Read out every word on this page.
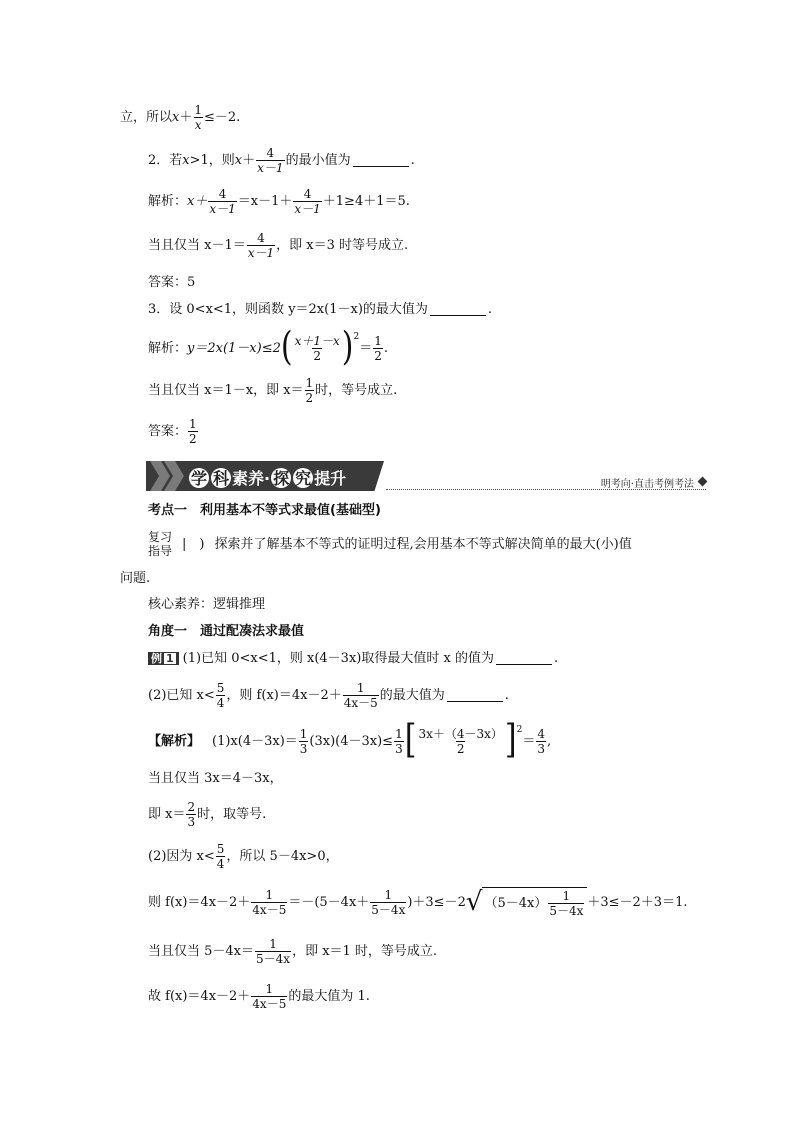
立，所以 $x + \frac{1}{x} \le-2$.
2．若 x >1，则 x ＋ 4
x－1 的最小值为	.
解析： x＋ 4
x－1 ＝x－1＋ 4
x－1 ＋1≥4＋1＝5.
当且仅当 x－1＝ 4
x－1 ，即 x＝3 时等号成立.
答案：5
3．设 0<x<1，则函数 y＝2x(1－x)的最大值为	.
解析： y＝2x(1－x)≤2 ( x＋1－x
2 )$^2$
＝ 1
2 .
当且仅当 x＝1－x，即 x＝ 1
2 时，等号成立.
答案： 1
2
学 科 素养· 探 究 提升	明考向·直击考例考法
考点一　利用基本不等式求最值(基础型)
复习
指导 |　) 探索并了解基本不等式的证明过程,会用基本不等式解决简单的最大(小)值
问题.
核心素养：逻辑推理
角度一　通过配凑法求最值
例 1 (1)已知 0<x<1，则 x(4－3x)取得最大值时 x 的值为	.
(2)已知 x< 5
4 ，则 f(x)＝4x－2＋ 1
4x－5 的最大值为	.
【解析】 (1)x(4－3x)＝ 1
3 $(3x)(4-3x)\le \frac{1}{3}$ [ 3x＋（4－3x）
2 ]$^2$
＝ 4
3 ,
当且仅当 3x＝4－3x，
即 x＝ 2
3 时，取等号.
(2)因为 x< 5
4 ，所以 5－4x>0，
则 f(x)＝4x－2＋ 1
4x－5 ＝－(5－4x＋ 1
5－4x )＋3≤－2 √ （5－4x） 1
5－4x
＋3≤－2＋3＝1.
当且仅当 5－4x＝ 1
5－4x ，即 x＝1 时，等号成立.
故 f(x)＝4x－2＋ 1
4x－5 的最大值为 1.
